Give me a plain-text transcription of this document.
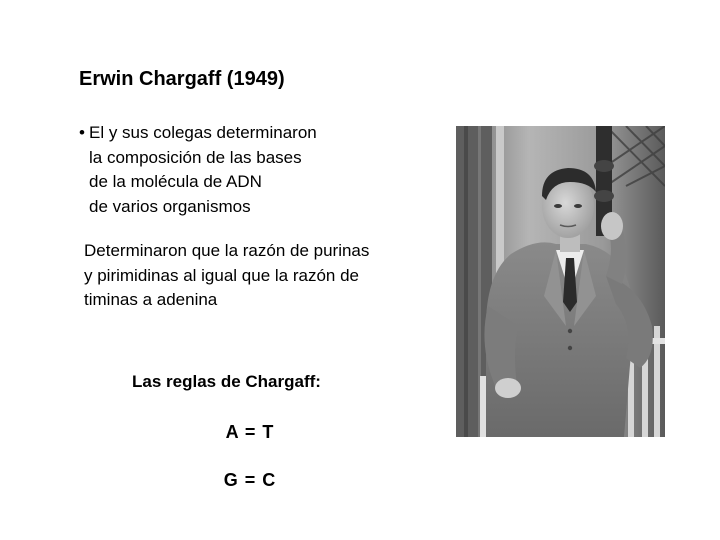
Erwin Chargaff (1949)
• El y sus colegas determinaron
la composición de las bases
de la molécula de ADN
de varios organismos
Determinaron que la razón de purinas
y pirimidinas al igual que la razón de
timinas a adenina
Las reglas de Chargaff:
A = T
G = C
